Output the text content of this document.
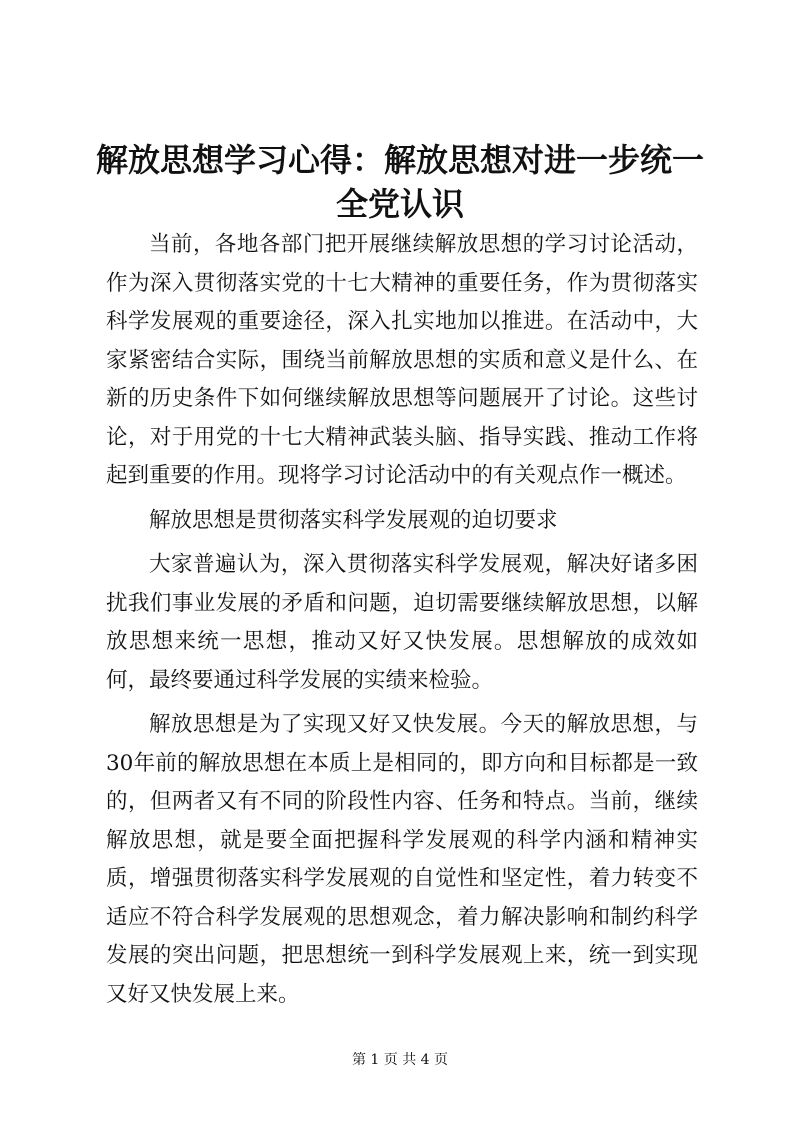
解放思想学习心得：解放思想对进一步统一全党认识

当前，各地各部门把开展继续解放思想的学习讨论活动，作为深入贯彻落实党的十七大精神的重要任务，作为贯彻落实科学发展观的重要途径，深入扎实地加以推进。在活动中，大家紧密结合实际，围绕当前解放思想的实质和意义是什么、在新的历史条件下如何继续解放思想等问题展开了讨论。这些讨论，对于用党的十七大精神武装头脑、指导实践、推动工作将起到重要的作用。现将学习讨论活动中的有关观点作一概述。

解放思想是贯彻落实科学发展观的迫切要求

大家普遍认为，深入贯彻落实科学发展观，解决好诸多困扰我们事业发展的矛盾和问题，迫切需要继续解放思想，以解放思想来统一思想，推动又好又快发展。思想解放的成效如何，最终要通过科学发展的实绩来检验。

解放思想是为了实现又好又快发展。今天的解放思想，与30年前的解放思想在本质上是相同的，即方向和目标都是一致的，但两者又有不同的阶段性内容、任务和特点。当前，继续解放思想，就是要全面把握科学发展观的科学内涵和精神实质，增强贯彻落实科学发展观的自觉性和坚定性，着力转变不适应不符合科学发展观的思想观念，着力解决影响和制约科学发展的突出问题，把思想统一到科学发展观上来，统一到实现又好又快发展上来。

第 1 页 共 4 页
